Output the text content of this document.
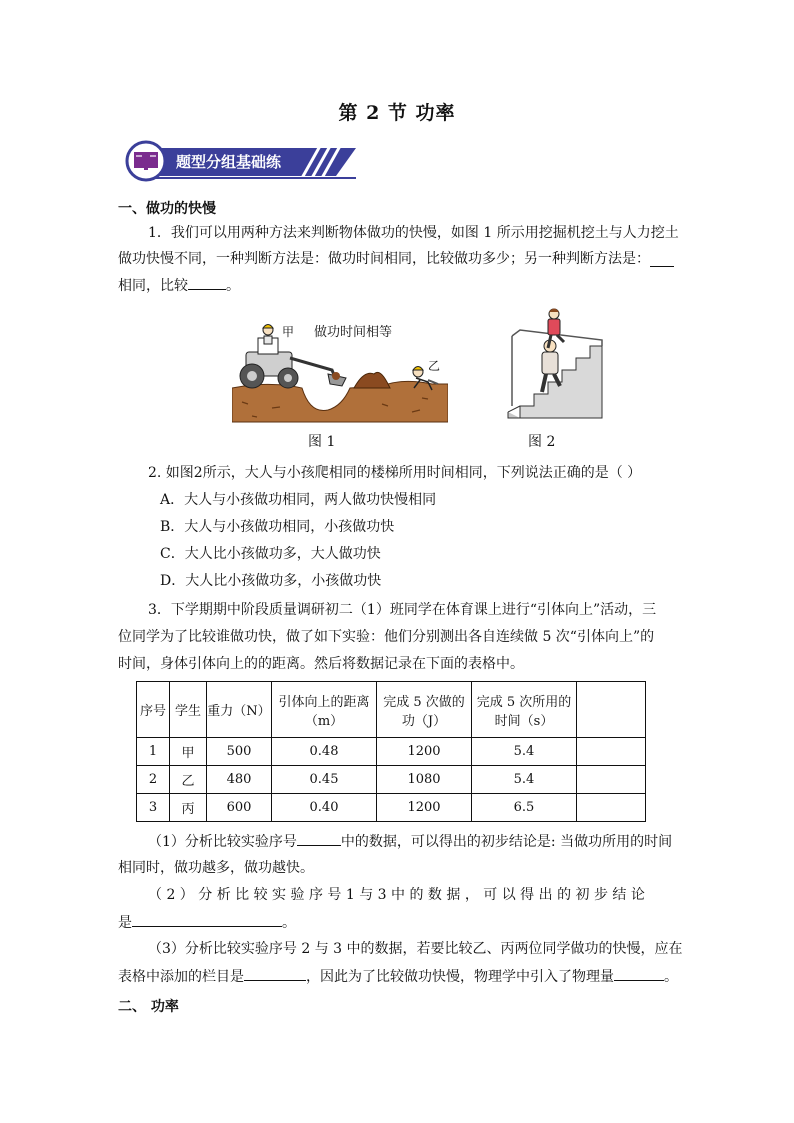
第 2 节 功率
题型分组基础练
一、做功的快慢
1．我们可以用两种方法来判断物体做功的快慢，如图 1 所示用挖掘机挖土与人力挖土
做功快慢不同，一种判断方法是：做功时间相同，比较做功多少；另一种判断方法是：
相同，比较	。
甲 做功时间相等
乙
图 1	图 2
2. 如图2所示，大人与小孩爬相同的楼梯所用时间相同，下列说法正确的是（ ）
A．大人与小孩做功相同，两人做功快慢相同
B．大人与小孩做功相同，小孩做功快
C．大人比小孩做功多，大人做功快
D．大人比小孩做功多，小孩做功快
3．下学期期中阶段质量调研初二（1）班同学在体育课上进行“引体向上”活动，三
位同学为了比较谁做功快，做了如下实验：他们分别测出各自连续做 5 次“引体向上”的
时间，身体引体向上的的距离。然后将数据记录在下面的表格中。
序号	学生	重力（N）	引体向上的距离（m）	完成 5 次做的功（J）	完成 5 次所用的时间（s）	
1	甲	500	0.48	1200	5.4	
2	乙	480	0.45	1080	5.4	
3	丙	600	0.40	1200	6.5	
（1）分析比较实验序号	中的数据，可以得出的初步结论是: 当做功所用的时间
相同时，做功越多，做功越快。
（ 2 ） 分 析 比 较 实 验 序 号 1 与 3 中 的 数 据 ， 可 以 得 出 的 初 步 结 论
是	。
（3）分析比较实验序号 2 与 3 中的数据，若要比较乙、丙两位同学做功的快慢，应在
表格中添加的栏目是	，因此为了比较做功快慢，物理学中引入了物理量	。
二、 功率
